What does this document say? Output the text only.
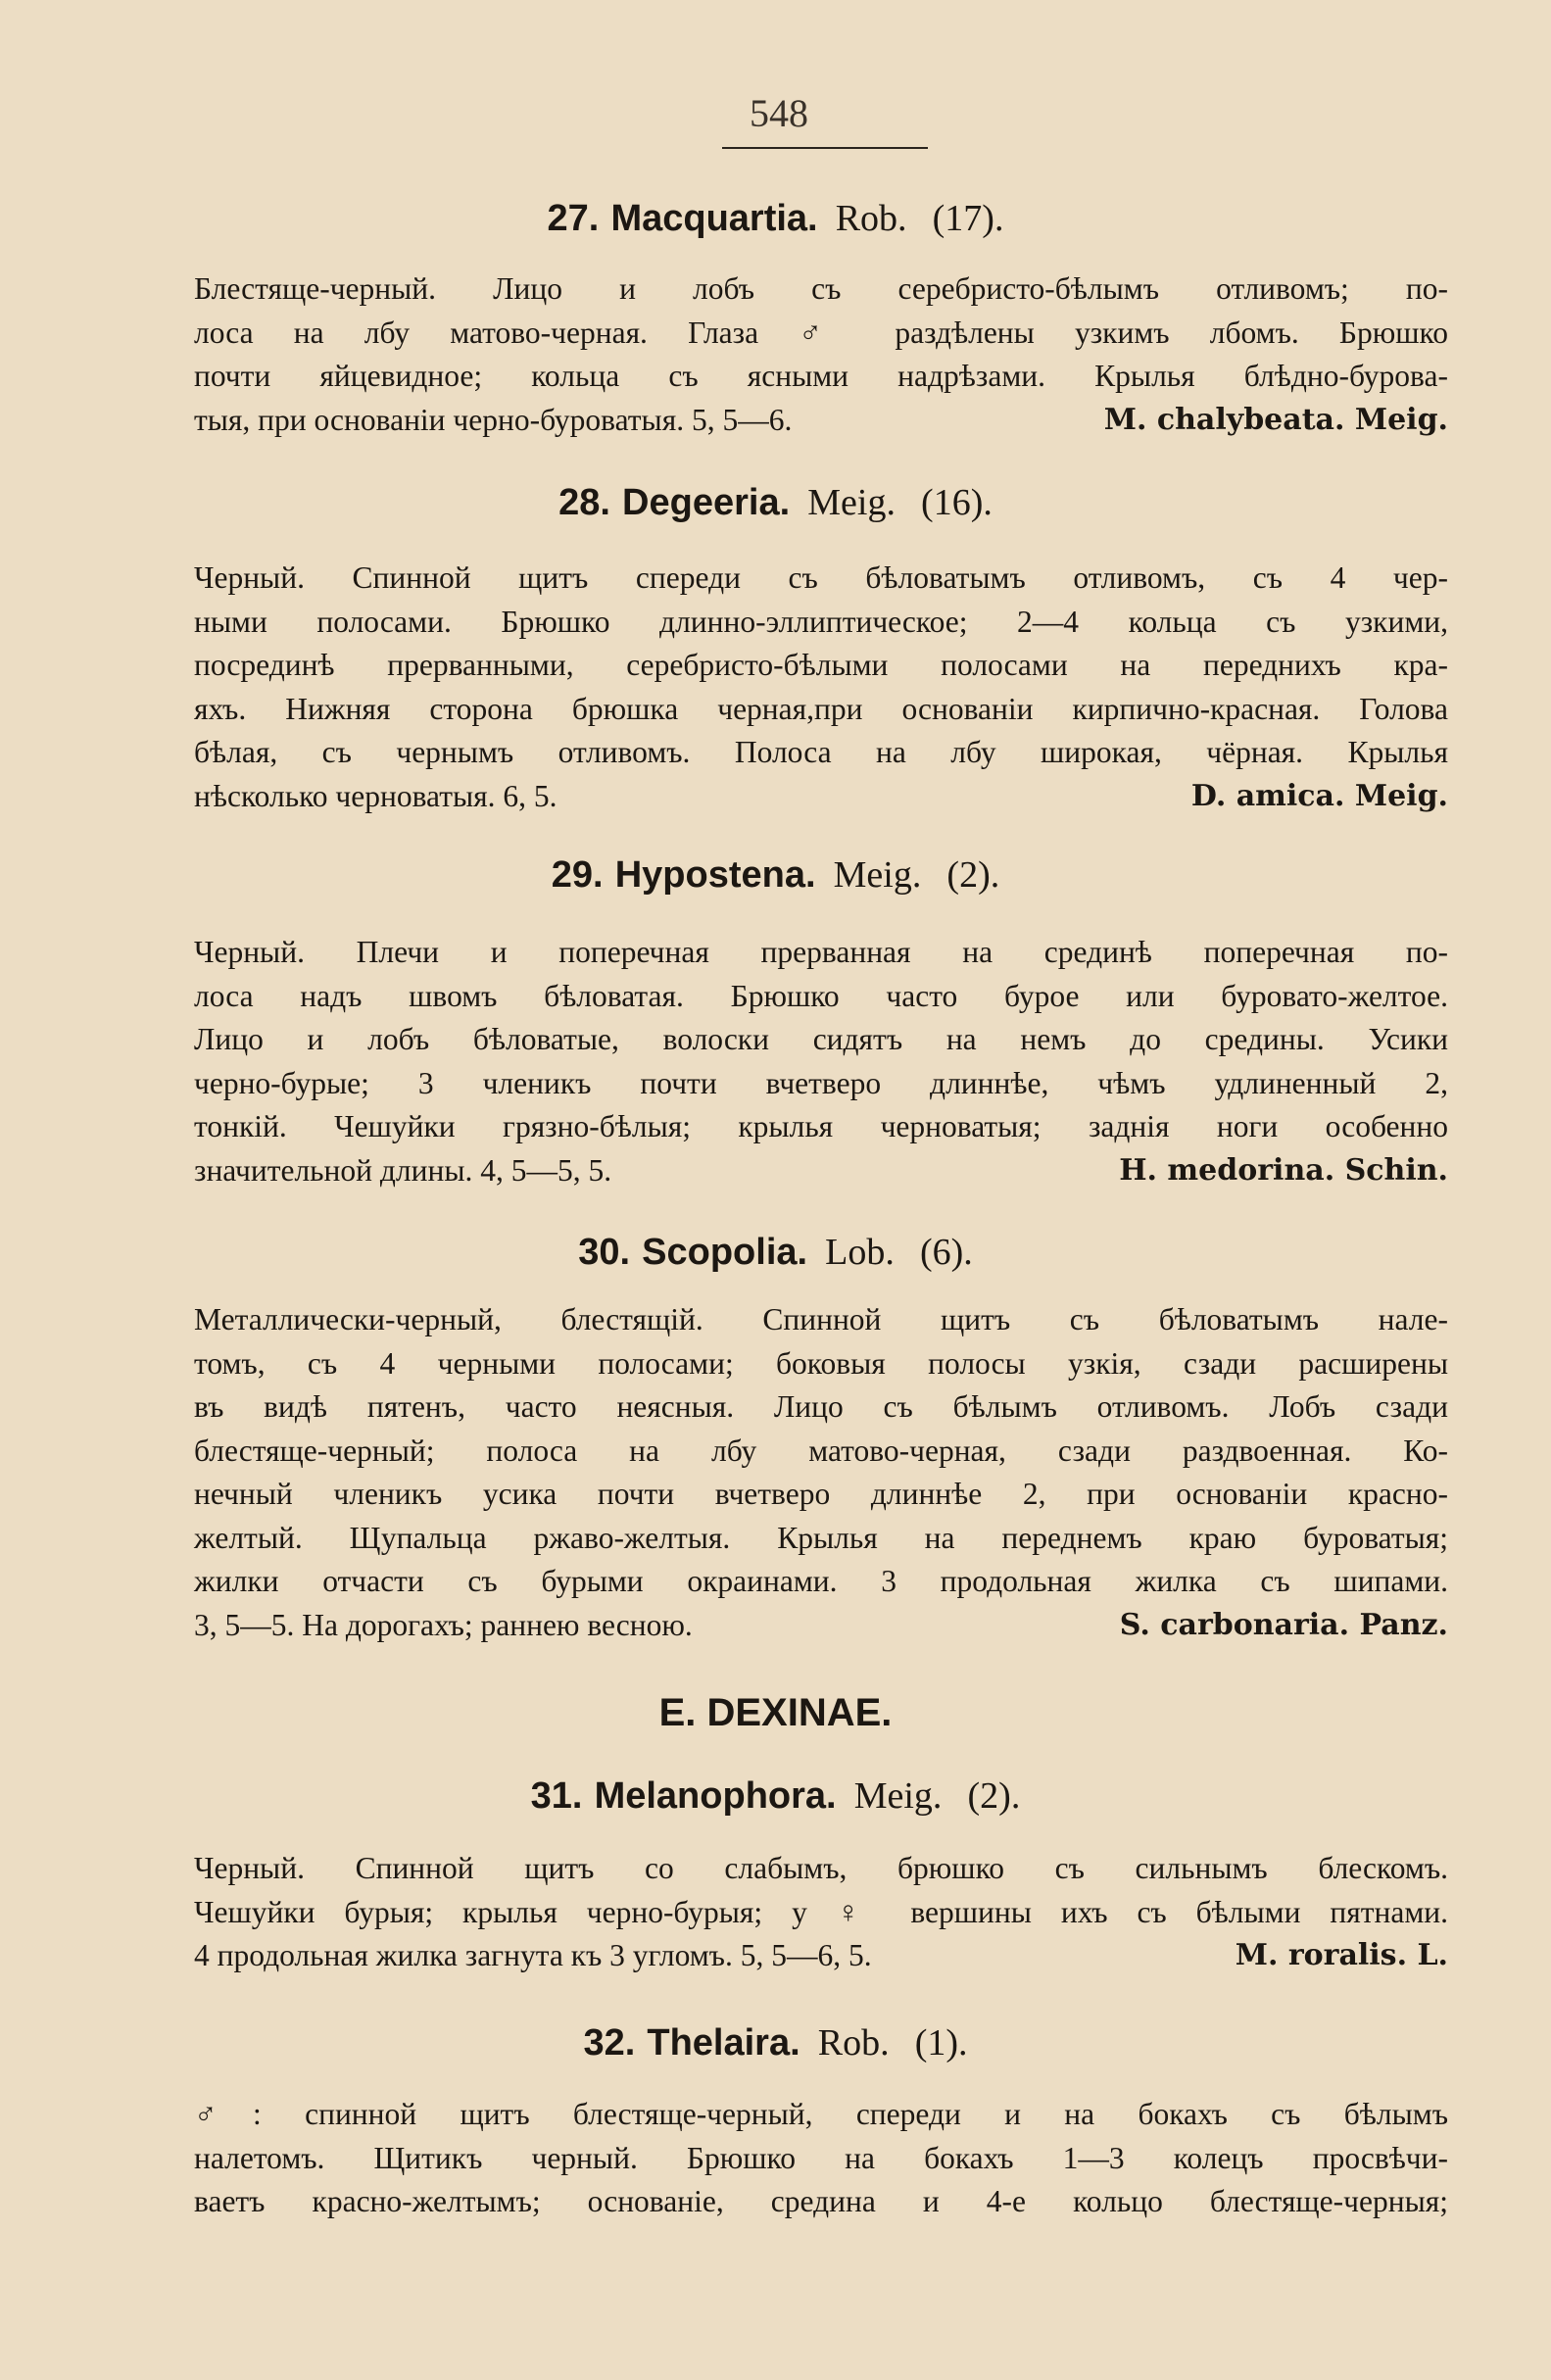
548
27. Macquartia. Rob. (17).
Блестяще-черный. Лицо и лобъ съ серебристо-бѣлымъ отливомъ; по-
лоса на лбу матово-черная. Глаза ♂ раздѣлены узкимъ лбомъ. Брюшко
почти яйцевидное; кольца съ ясными надрѣзами. Крылья блѣдно-бурова-
тыя, при основаніи черно-буроватыя. 5, 5—6.	M. chalybeata. Meig.
28. Degeeria. Meig. (16).
Черный. Спинной щитъ спереди съ бѣловатымъ отливомъ, съ 4 чер-
ными полосами. Брюшко длинно-эллиптическое; 2—4 кольца съ узкими,
посрединѣ прерванными, серебристо-бѣлыми полосами на переднихъ кра-
яхъ. Нижняя сторона брюшка черная,при основаніи кирпично-красная. Голова
бѣлая, съ чернымъ отливомъ. Полоса на лбу широкая, чёрная. Крылья
нѣсколько черноватыя. 6, 5.	D. amica. Meig.
29. Hypostena. Meig. (2).
Черный. Плечи и поперечная прерванная на срединѣ поперечная по-
лоса надъ швомъ бѣловатая. Брюшко часто бурое или буровато-желтое.
Лицо и лобъ бѣловатые, волоски сидятъ на немъ до средины. Усики
черно-бурые; 3 членикъ почти вчетверо длиннѣе, чѣмъ удлиненный 2,
тонкій. Чешуйки грязно-бѣлыя; крылья черноватыя; заднія ноги особенно
значительной длины. 4, 5—5, 5.	H. medorina. Schin.
30. Scopolia. Lob. (6).
Металлически-черный, блестящій. Спинной щитъ съ бѣловатымъ нале-
томъ, съ 4 черными полосами; боковыя полосы узкія, сзади расширены
въ видѣ пятенъ, часто неясныя. Лицо съ бѣлымъ отливомъ. Лобъ сзади
блестяще-черный; полоса на лбу матово-черная, сзади раздвоенная. Ко-
нечный членикъ усика почти вчетверо длиннѣе 2, при основаніи красно-
желтый. Щупальца ржаво-желтыя. Крылья на переднемъ краю буроватыя;
жилки отчасти съ бурыми окраинами. 3 продольная жилка съ шипами.
3, 5—5. На дорогахъ; раннею весною.	S. carbonaria. Panz.
E. DEXINAE.
31. Melanophora. Meig. (2).
Черный. Спинной щитъ со слабымъ, брюшко съ сильнымъ блескомъ.
Чешуйки бурыя; крылья черно-бурыя; у ♀ вершины ихъ съ бѣлыми пятнами.
4 продольная жилка загнута къ 3 угломъ. 5, 5—6, 5.	M. roralis. L.
32. Thelaira. Rob. (1).
♂: спинной щитъ блестяще-черный, спереди и на бокахъ съ бѣлымъ
налетомъ. Щитикъ черный. Брюшко на бокахъ 1—3 колецъ просвѣчи-
ваетъ красно-желтымъ; основаніе, средина и 4-е кольцо блестяще-черныя;
